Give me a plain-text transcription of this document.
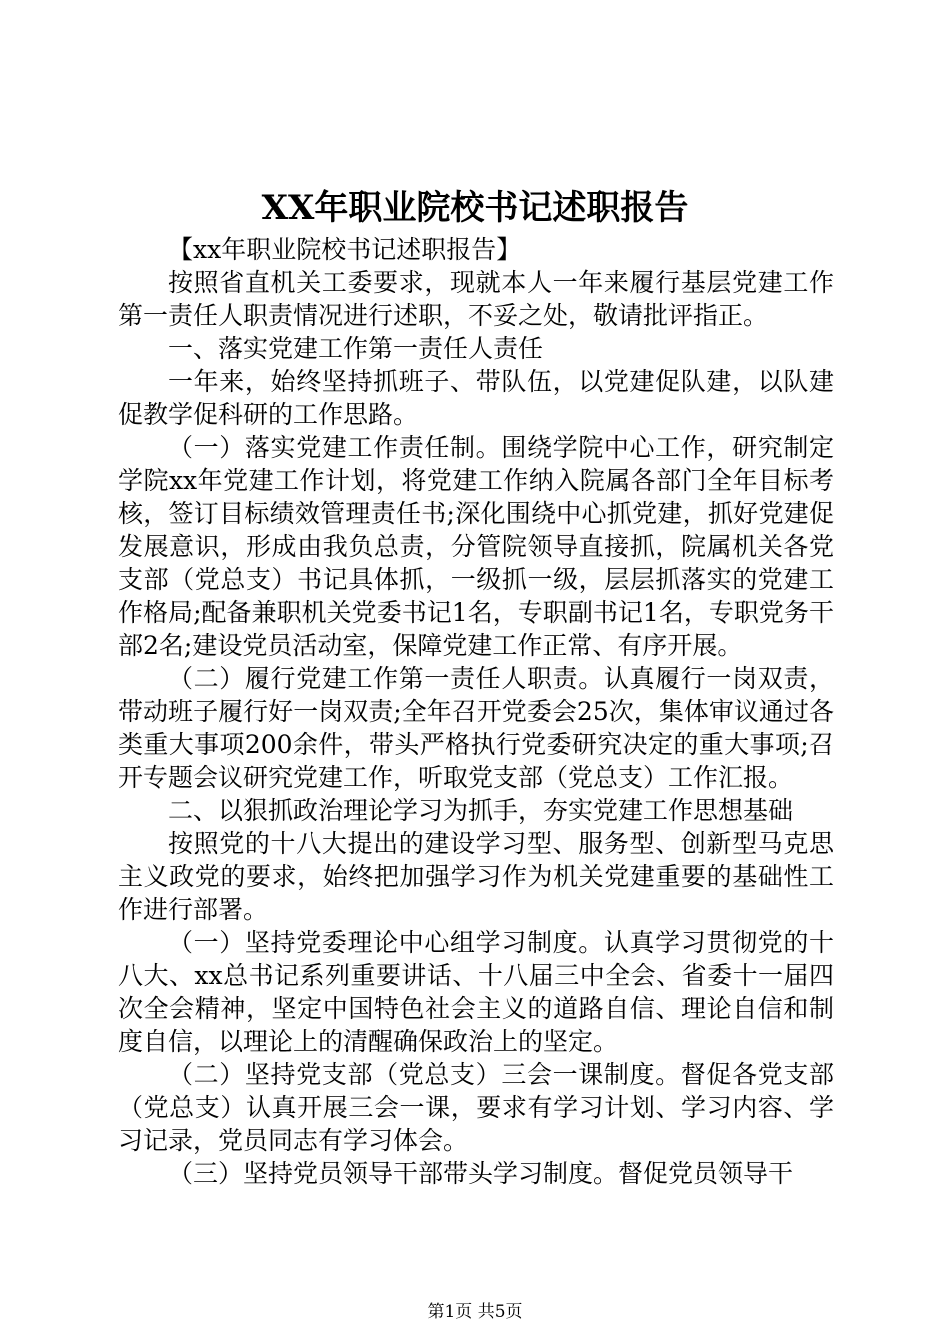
XX年职业院校书记述职报告

【xx年职业院校书记述职报告】

按照省直机关工委要求，现就本人一年来履行基层党建工作第一责任人职责情况进行述职，不妥之处，敬请批评指正。

一、落实党建工作第一责任人责任

一年来，始终坚持抓班子、带队伍，以党建促队建，以队建促教学促科研的工作思路。

（一）落实党建工作责任制。围绕学院中心工作，研究制定学院xx年党建工作计划，将党建工作纳入院属各部门全年目标考核，签订目标绩效管理责任书;深化围绕中心抓党建，抓好党建促发展意识，形成由我负总责，分管院领导直接抓，院属机关各党支部（党总支）书记具体抓，一级抓一级，层层抓落实的党建工作格局;配备兼职机关党委书记1名，专职副书记1名，专职党务干部2名;建设党员活动室，保障党建工作正常、有序开展。

（二）履行党建工作第一责任人职责。认真履行一岗双责，带动班子履行好一岗双责;全年召开党委会25次，集体审议通过各类重大事项200余件，带头严格执行党委研究决定的重大事项;召开专题会议研究党建工作，听取党支部（党总支）工作汇报。

二、以狠抓政治理论学习为抓手，夯实党建工作思想基础

按照党的十八大提出的建设学习型、服务型、创新型马克思主义政党的要求，始终把加强学习作为机关党建重要的基础性工作进行部署。

（一）坚持党委理论中心组学习制度。认真学习贯彻党的十八大、xx总书记系列重要讲话、十八届三中全会、省委十一届四次全会精神，坚定中国特色社会主义的道路自信、理论自信和制度自信，以理论上的清醒确保政治上的坚定。

（二）坚持党支部（党总支）三会一课制度。督促各党支部（党总支）认真开展三会一课，要求有学习计划、学习内容、学习记录，党员同志有学习体会。

（三）坚持党员领导干部带头学习制度。督促党员领导干

第1页 共5页
